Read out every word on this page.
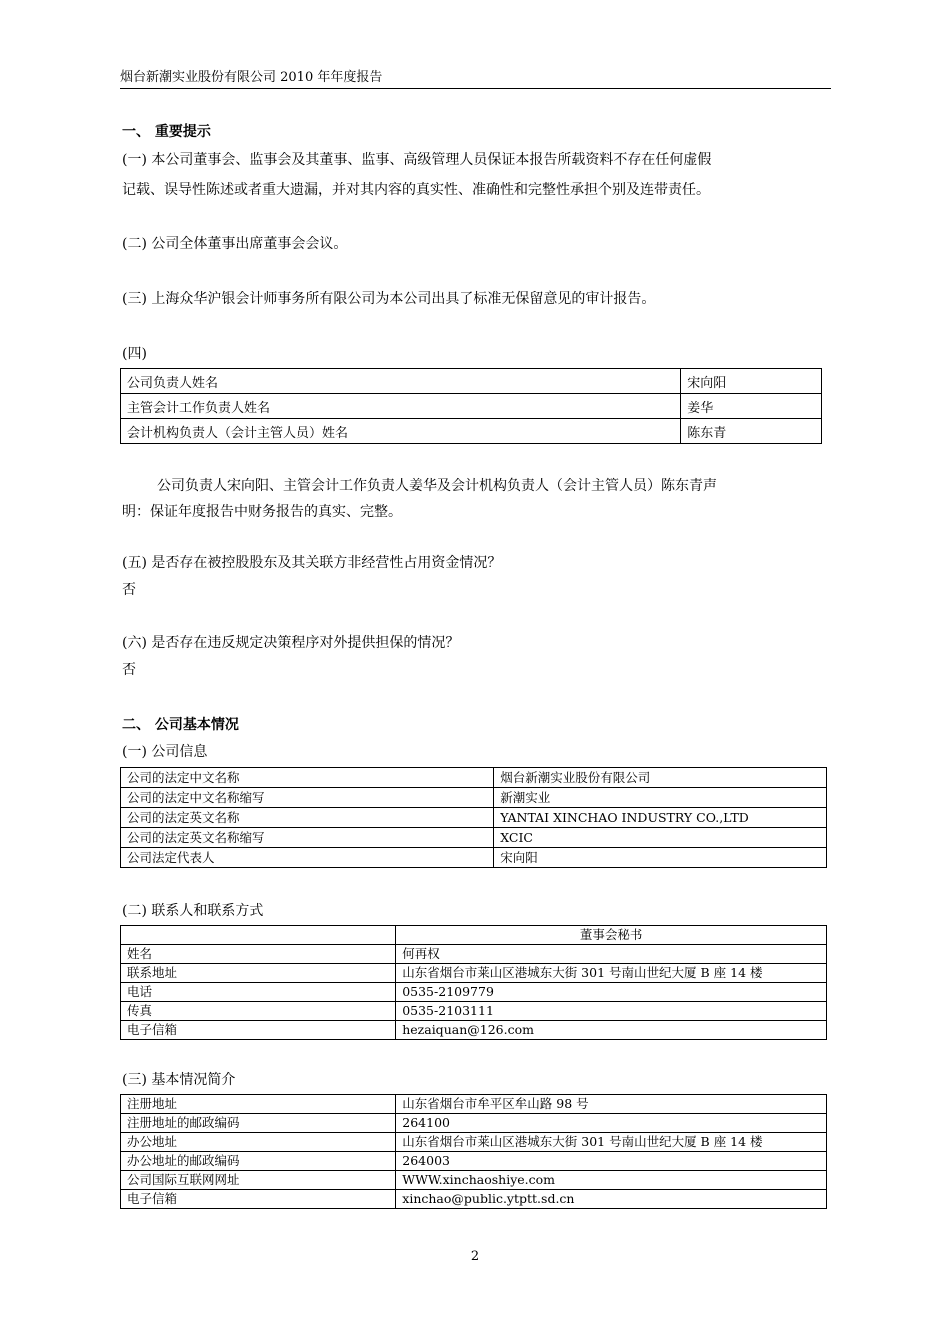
烟台新潮实业股份有限公司 2010 年年度报告
一、 重要提示
(一) 本公司董事会、监事会及其董事、监事、高级管理人员保证本报告所载资料不存在任何虚假
记载、误导性陈述或者重大遗漏，并对其内容的真实性、准确性和完整性承担个别及连带责任。
(二) 公司全体董事出席董事会会议。
(三) 上海众华沪银会计师事务所有限公司为本公司出具了标准无保留意见的审计报告。
(四)
公司负责人姓名	宋向阳
主管会计工作负责人姓名	姜华
会计机构负责人（会计主管人员）姓名	陈东青
公司负责人宋向阳、主管会计工作负责人姜华及会计机构负责人（会计主管人员）陈东青声
明：保证年度报告中财务报告的真实、完整。
(五) 是否存在被控股股东及其关联方非经营性占用资金情况？
否
(六) 是否存在违反规定决策程序对外提供担保的情况？
否
二、 公司基本情况
(一) 公司信息
公司的法定中文名称	烟台新潮实业股份有限公司
公司的法定中文名称缩写	新潮实业
公司的法定英文名称	YANTAI XINCHAO INDUSTRY CO.,LTD
公司的法定英文名称缩写	XCIC
公司法定代表人	宋向阳
(二) 联系人和联系方式
	董事会秘书
姓名	何再权
联系地址	山东省烟台市莱山区港城东大街 301 号南山世纪大厦 B 座 14 楼
电话	0535-2109779
传真	0535-2103111
电子信箱	hezaiquan@126.com
(三) 基本情况简介
注册地址	山东省烟台市牟平区牟山路 98 号
注册地址的邮政编码	264100
办公地址	山东省烟台市莱山区港城东大街 301 号南山世纪大厦 B 座 14 楼
办公地址的邮政编码	264003
公司国际互联网网址	WWW.xinchaoshiye.com
电子信箱	xinchao@public.ytptt.sd.cn
2
